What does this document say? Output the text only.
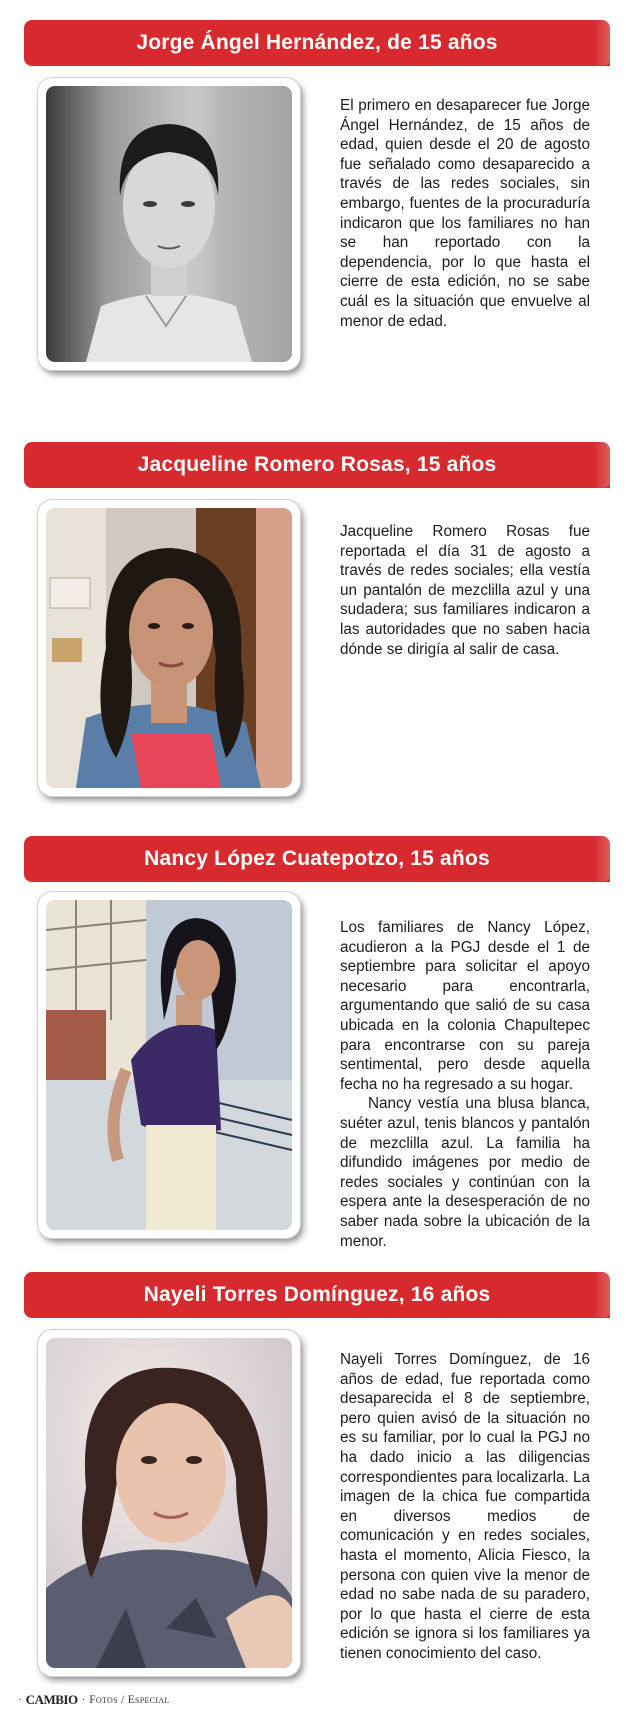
Jorge Ángel Hernández, de 15 años

El primero en desaparecer fue Jorge Ángel Hernández, de 15 años de edad, quien desde el 20 de agosto fue señalado como desaparecido a través de las redes sociales, sin embargo, fuentes de la procuraduría indicaron que los familiares no han se han reportado con la dependencia, por lo que hasta el cierre de esta edición, no se sabe cuál es la situación que envuelve al menor de edad.

Jacqueline Romero Rosas, 15 años

Jacqueline Romero Rosas fue reportada el día 31 de agosto a través de redes sociales; ella vestía un pantalón de mezclilla azul y una sudadera; sus familiares indicaron a las autoridades que no saben hacia dónde se dirigía al salir de casa.

Nancy López Cuatepotzo, 15 años

Los familiares de Nancy López, acudieron a la PGJ desde el 1 de septiembre para solicitar el apoyo necesario para encontrarla, argumentando que salió de su casa ubicada en la colonia Chapultepec para encontrarse con su pareja sentimental, pero desde aquella fecha no ha regresado a su hogar.

Nancy vestía una blusa blanca, suéter azul, tenis blancos y pantalón de mezclilla azul. La familia ha difundido imágenes por medio de redes sociales y continúan con la espera ante la desesperación de no saber nada sobre la ubicación de la menor.

Nayeli Torres Domínguez, 16 años

Nayeli Torres Domínguez, de 16 años de edad, fue reportada como desaparecida el 8 de septiembre, pero quien avisó de la situación no es su familiar, por lo cual la PGJ no ha dado inicio a las diligencias correspondientes para localizarla. La imagen de la chica fue compartida en diversos medios de comunicación y en redes sociales, hasta el momento, Alicia Fiesco, la persona con quien vive la menor de edad no sabe nada de su paradero, por lo que hasta el cierre de esta edición se ignora si los familiares ya tienen conocimiento del caso.

· CAMBIO · Fotos / Especial
